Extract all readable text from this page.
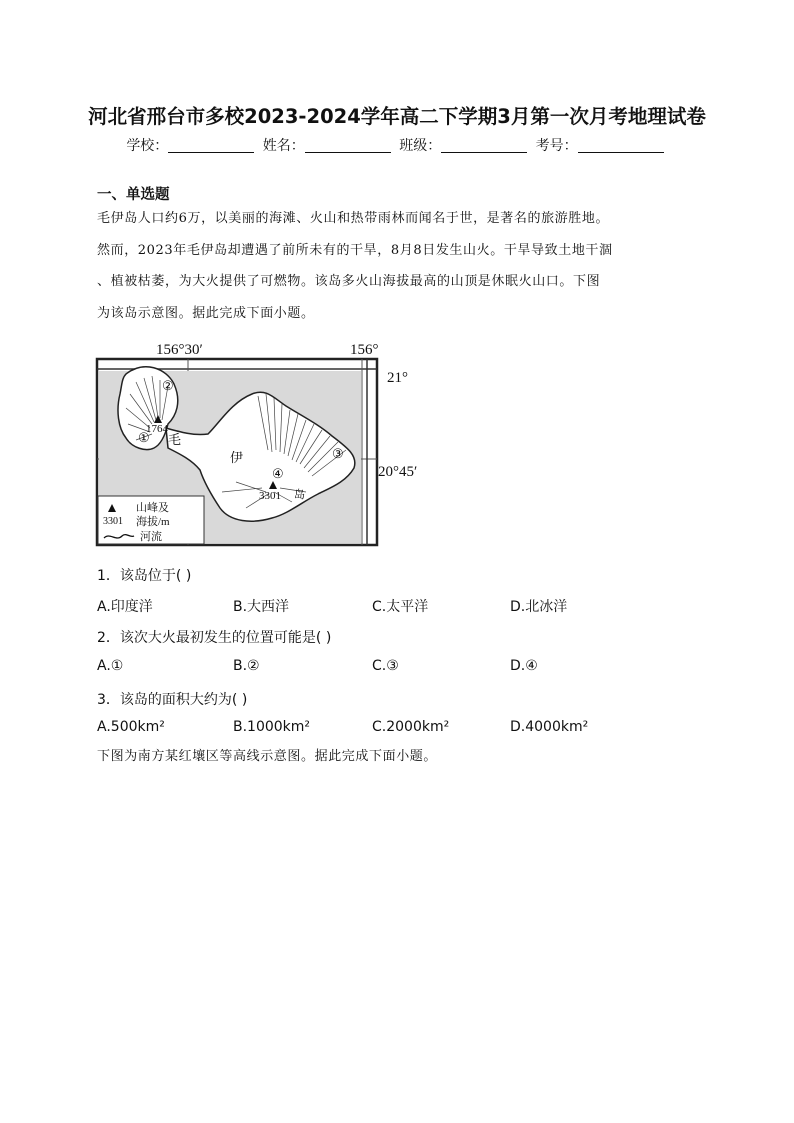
河北省邢台市多校2023-2024学年高二下学期3月第一次月考地理试卷
学校：	姓名：	班级：	考号：
一、单选题
毛伊岛人口约6万，以美丽的海滩、火山和热带雨林而闻名于世，是著名的旅游胜地。
然而，2023年毛伊岛却遭遇了前所未有的干旱，8月8日发生山火。干旱导致土地干涸
、植被枯萎，为大火提供了可燃物。该岛多火山海拔最高的山顶是休眠火山口。下图
为该岛示意图。据此完成下面小题。
156°30′	156°
21°
1764
3301
毛
伊
岛
①
②
③
④
3301
山峰及
海拔/m
河流
20°45′
1．该岛位于( )
A.印度洋	B.大西洋	C.太平洋	D.北冰洋
2．该次大火最初发生的位置可能是( )
A.①	B.②	C.③	D.④
3．该岛的面积大约为( )
A.500km²	B.1000km²	C.2000km²	D.4000km²
下图为南方某红壤区等高线示意图。据此完成下面小题。
